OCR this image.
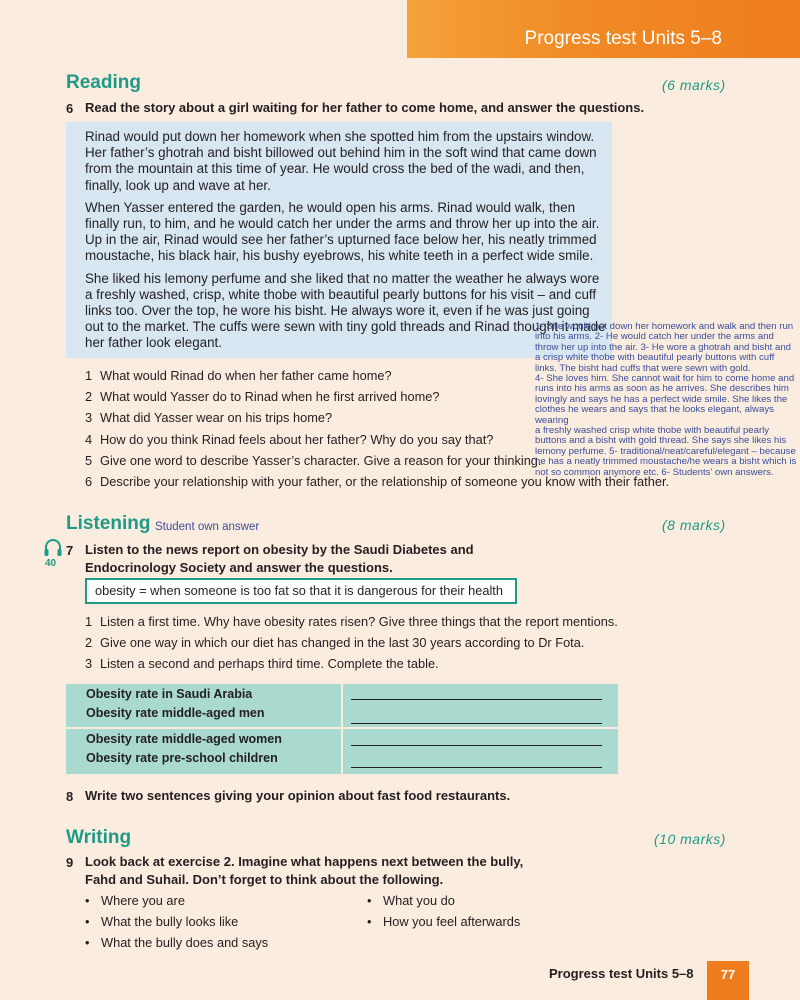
Progress test Units 5–8
Reading	(6 marks)
6 Read the story about a girl waiting for her father to come home, and answer the questions.

Rinad would put down her homework when she spotted him from the upstairs window. Her father’s ghotrah and bisht billowed out behind him in the soft wind that came down from the mountain at this time of year. He would cross the bed of the wadi, and then, finally, look up and wave at her.

When Yasser entered the garden, he would open his arms. Rinad would walk, then finally run, to him, and he would catch her under the arms and throw her up into the air. Up in the air, Rinad would see her father’s upturned face below her, his neatly trimmed moustache, his black hair, his bushy eyebrows, his white teeth in a perfect wide smile.

She liked his lemony perfume and she liked that no matter the weather he always wore a freshly washed, crisp, white thobe with beautiful pearly buttons for his visit – and cuff links too. Over the top, he wore his bisht. He always wore it, even if he was just going out to the market. The cuffs were sewn with tiny gold threads and Rinad thought it made her father look elegant.

1 What would Rinad do when her father came home?
2 What would Yasser do to Rinad when he first arrived home?
3 What did Yasser wear on his trips home?
4 How do you think Rinad feels about her father? Why do you say that?
5 Give one word to describe Yasser’s character. Give a reason for your thinking.
6 Describe your relationship with your father, or the relationship of someone you know with their father.
1- She would put down her homework and walk and then run into his arms. 2- He would catch her under the arms and throw her up into the air. 3- He wore a ghotrah and bisht and a crisp white thobe with beautiful pearly buttons with cuff links. The bisht had cuffs that were sewn with gold.
4- She loves him. She cannot wait for him to come home and runs into his arms as soon as he arrives. She describes him lovingly and says he has a perfect wide smile. She likes the clothes he wears and says that he looks elegant, always wearing
a freshly washed crisp white thobe with beautiful pearly buttons and a bisht with gold thread. She says she likes his lemony perfume. 5- traditional/neat/careful/elegant – because he has a neatly trimmed moustache/he wears a bisht which is not so common anymore etc. 6- Students’ own answers.
Listening Student own answer	(8 marks)
40
7 Listen to the news report on obesity by the Saudi Diabetes and
Endocrinology Society and answer the questions.
obesity = when someone is too fat so that it is dangerous for their health
1 Listen a first time. Why have obesity rates risen? Give three things that the report mentions.
2 Give one way in which our diet has changed in the last 30 years according to Dr Fota.
3 Listen a second and perhaps third time. Complete the table.
Obesity rate in Saudi Arabia
Obesity rate middle-aged men
Obesity rate middle-aged women
Obesity rate pre-school children
8 Write two sentences giving your opinion about fast food restaurants.
Writing	(10 marks)
9 Look back at exercise 2. Imagine what happens next between the bully,
Fahd and Suhail. Don’t forget to think about the following.
• Where you are
• What the bully looks like
• What the bully does and says
• What you do
• How you feel afterwards
Progress test Units 5–8	77
